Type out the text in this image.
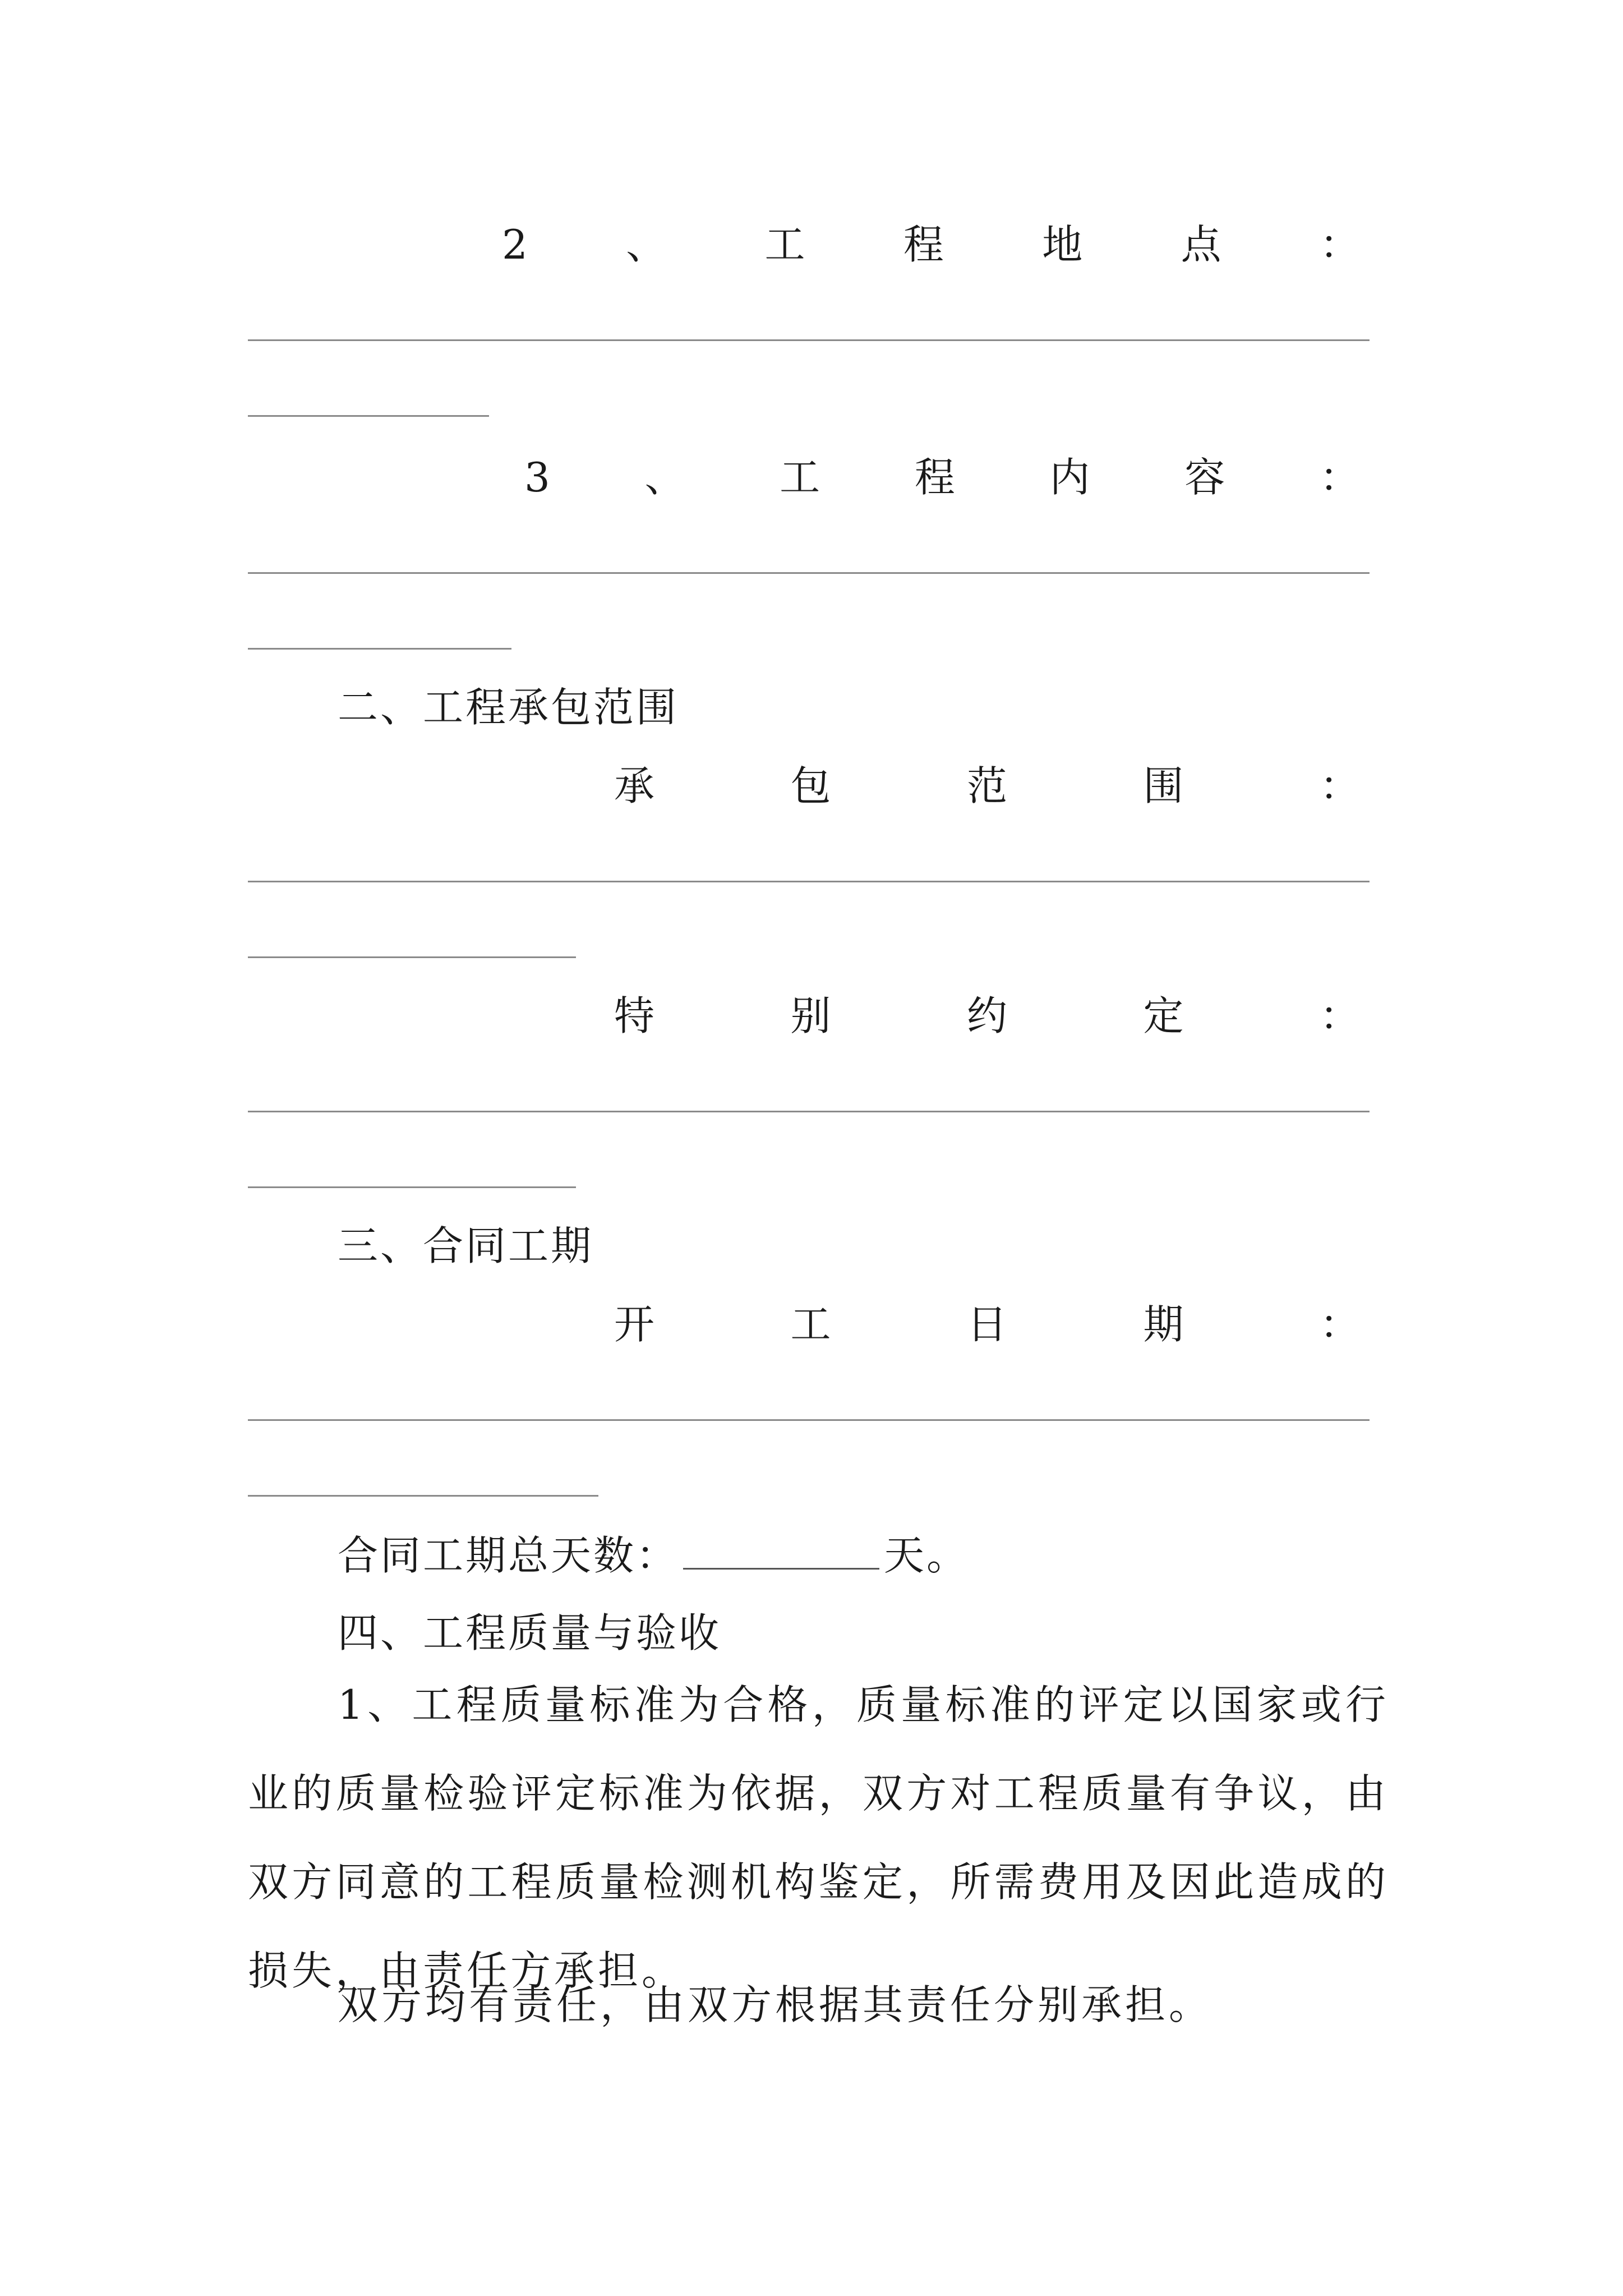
2 、 工 程 地 点 ：
3 、 工 程 内 容 ：
二、工程承包范围
承	包	范	围	：
特	别	约	定	：
三、合同工期
开	工	日	期	：
合同工期总天数：	天。
四、工程质量与验收
1、工程质量标准为合格，质量标准的评定以国家或行业的质量检验评定标准为依据，双方对工程质量有争议，由双方同意的工程质量检测机构鉴定，所需费用及因此造成的损失，由责任方承担。
双方均有责任，由双方根据其责任分别承担。
